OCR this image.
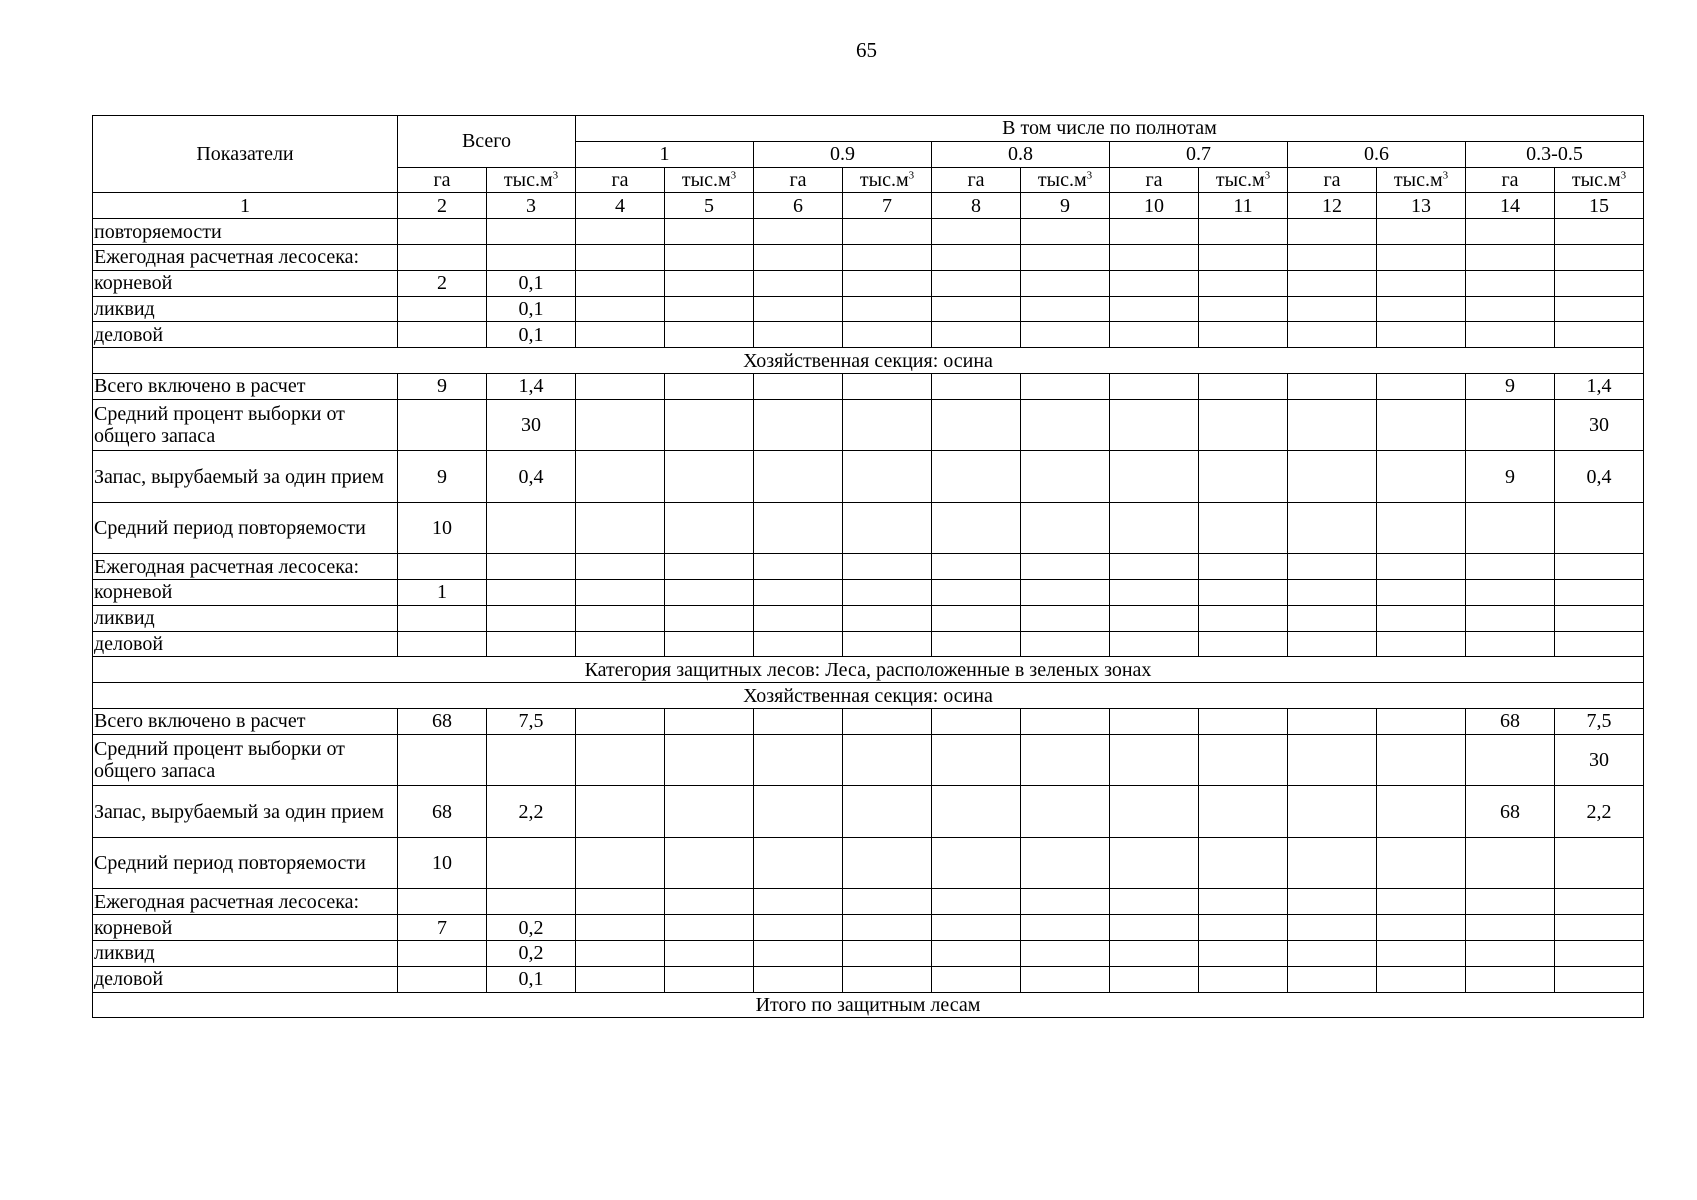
65
Показатели	Всего		В том числе по полнотам											
			1		0.9		0.8		0.7		0.6		0.3-0.5	
	га	$тыс.м^3$	га	$тыс.м^3$	га	$тыс.м^3$	га	$тыс.м^3$	га	$тыс.м^3$	га	$тыс.м^3$	га	$тыс.м^3$
1	2	3	4	5	6	7	8	9	10	11	12	13	14	15
повторяемости														
Ежегодная расчетная лесосека:														
корневой	2	0,1												
ликвид		0,1												
деловой		0,1												
Хозяйственная секция: осина														
Всего включено в расчет	9	1,4											9	1,4
Средний процент выборки от общего запаса		30												30
Запас, вырубаемый за один прием	9	0,4											9	0,4
Средний период повторяемости	10													
Ежегодная расчетная лесосека:														
корневой	1													
ликвид														
деловой														
Категория защитных лесов: Леса, расположенные в зеленых зонах														
Хозяйственная секция: осина														
Всего включено в расчет	68	7,5											68	7,5
Средний процент выборки от общего запаса														30
Запас, вырубаемый за один прием	68	2,2											68	2,2
Средний период повторяемости	10													
Ежегодная расчетная лесосека:														
корневой	7	0,2												
ликвид		0,2												
деловой		0,1												
Итого по защитным лесам														
